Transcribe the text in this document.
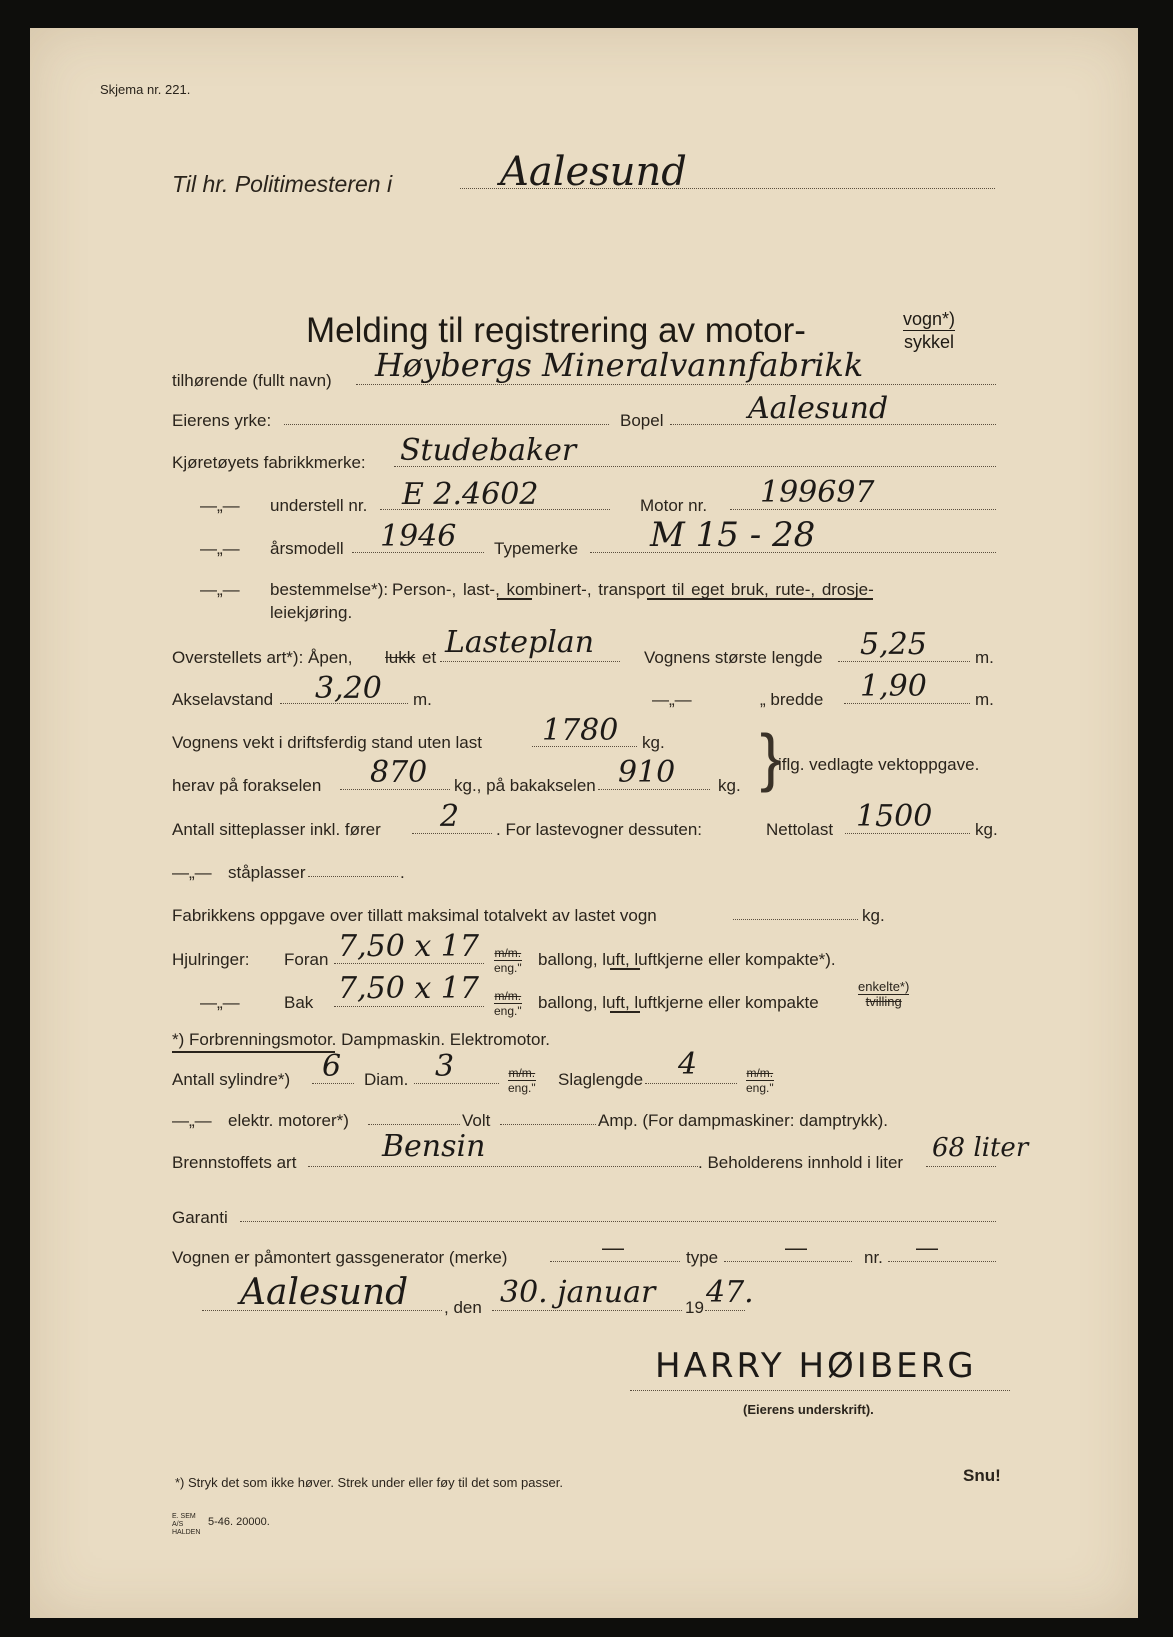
Skjema nr. 221.
Til hr. Politimesteren i	Aalesund
Melding til registrering av motor-	vogn*)
sykkel
tilhørende (fullt navn) Høybergs Mineralvannfabrikk
Eierens yrke:	Bopel	Aalesund
Kjøretøyets fabrikkmerke: Studebaker
—„— understell nr. E 2.4602	Motor nr. 199697
—„— årsmodell 1946 Typemerke M 15 - 28
—„— bestemmelse*): Person-, last-, kombinert-, transport til eget bruk, rute-, drosje-
leiekjøring.
Overstellets art*): Åpen, lukk et Lasteplan	Vognens største lengde 5,25	m.
Akselavstand 3,20 m.	—„—	„ bredde 1,90	m.
Vognens vekt i driftsferdig stand uten last 1780 kg.
herav på forakselen 870 kg., på bakakselen 910	kg. }
iflg. vedlagte vektoppgave.
Antall sitteplasser inkl. fører 2 . For lastevogner dessuten:	Nettolast 1500	kg.
—„— ståplasser	.
Fabrikkens oppgave over tillatt maksimal totalvekt av lastet vogn	kg.
Hjulringer: Foran 7,50 x 17 m/m.
eng." ballong, luft, luftkjerne eller kompakte*).
—„—	Bak 7,50 x 17 m/m.
eng." ballong, luft, luftkjerne eller kompakte
enkelte*)
tvilling
*) Forbrenningsmotor. Dampmaskin. Elektromotor.
Antall sylindre*) 6 Diam. 3	m/m.
eng." Slaglengde 4	m/m.
eng."
—„— elektr. motorer*)	Volt	Amp. (For dampmaskiner: damptrykk).
Brennstoffets art	Bensin	. Beholderens innhold i liter 68 liter
Garanti
Vognen er påmontert gassgenerator (merke)	—	type	—	nr. —
Aalesund , den 30. januar 19 47.
HARRY HØIBERG
(Eierens underskrift).
*) Stryk det som ikke høver. Strek under eller føy til det som passer.	Snu!
E. SEM A/S HALDEN
5-46. 20000.
